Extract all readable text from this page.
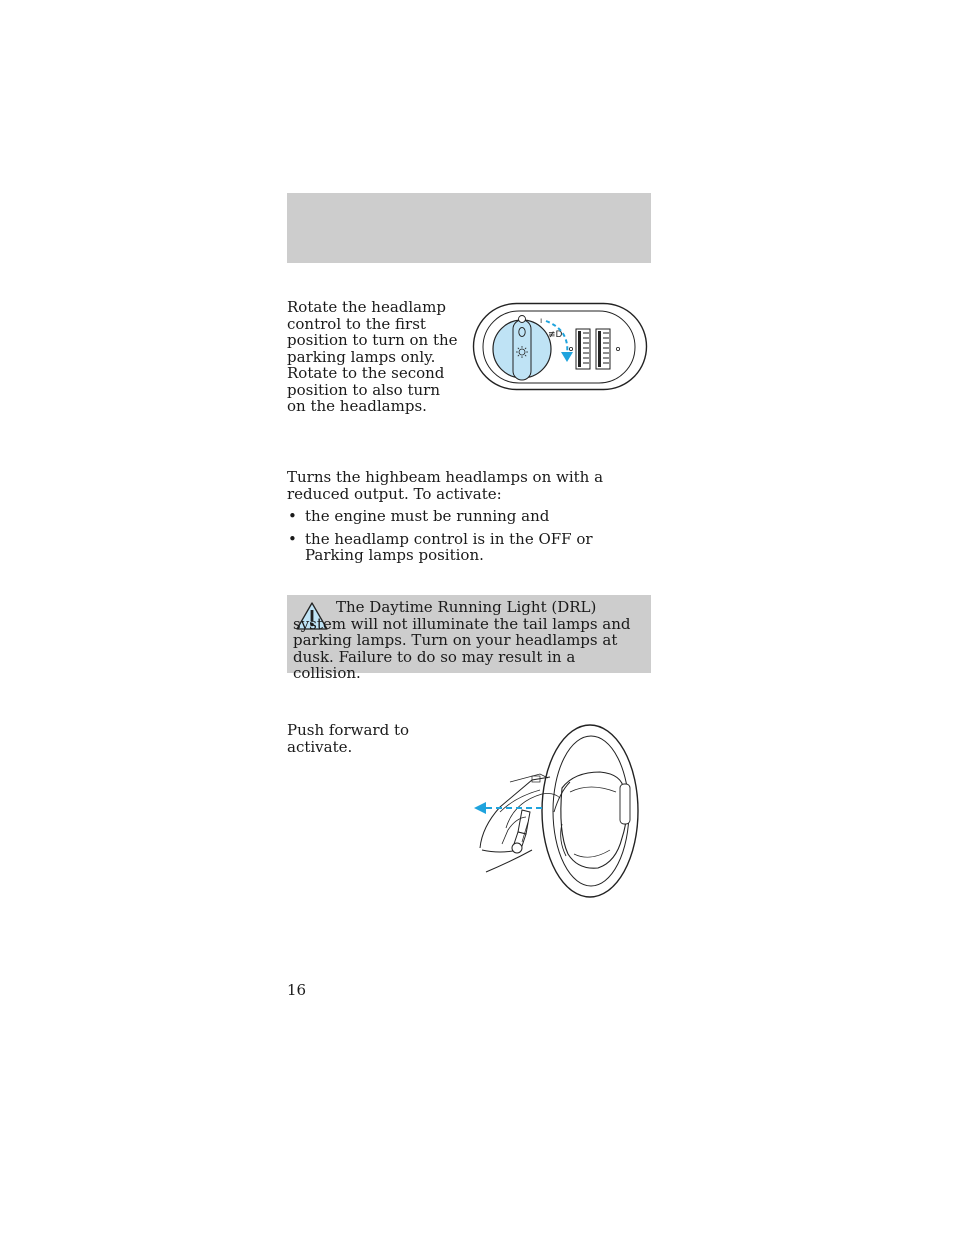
Rotate the headlamp control to the first position to turn on the parking lamps only. Rotate to the second position to also turn on the headlamps.
ı
≢D
Turns the highbeam headlamps on with a reduced output. To activate:
• the engine must be running and
• the headlamp control is in the OFF or Parking lamps position.
The Daytime Running Light (DRL) system will not illuminate the tail lamps and parking lamps. Turn on your headlamps at dusk. Failure to do so may result in a collision.
Push forward to activate.
16
